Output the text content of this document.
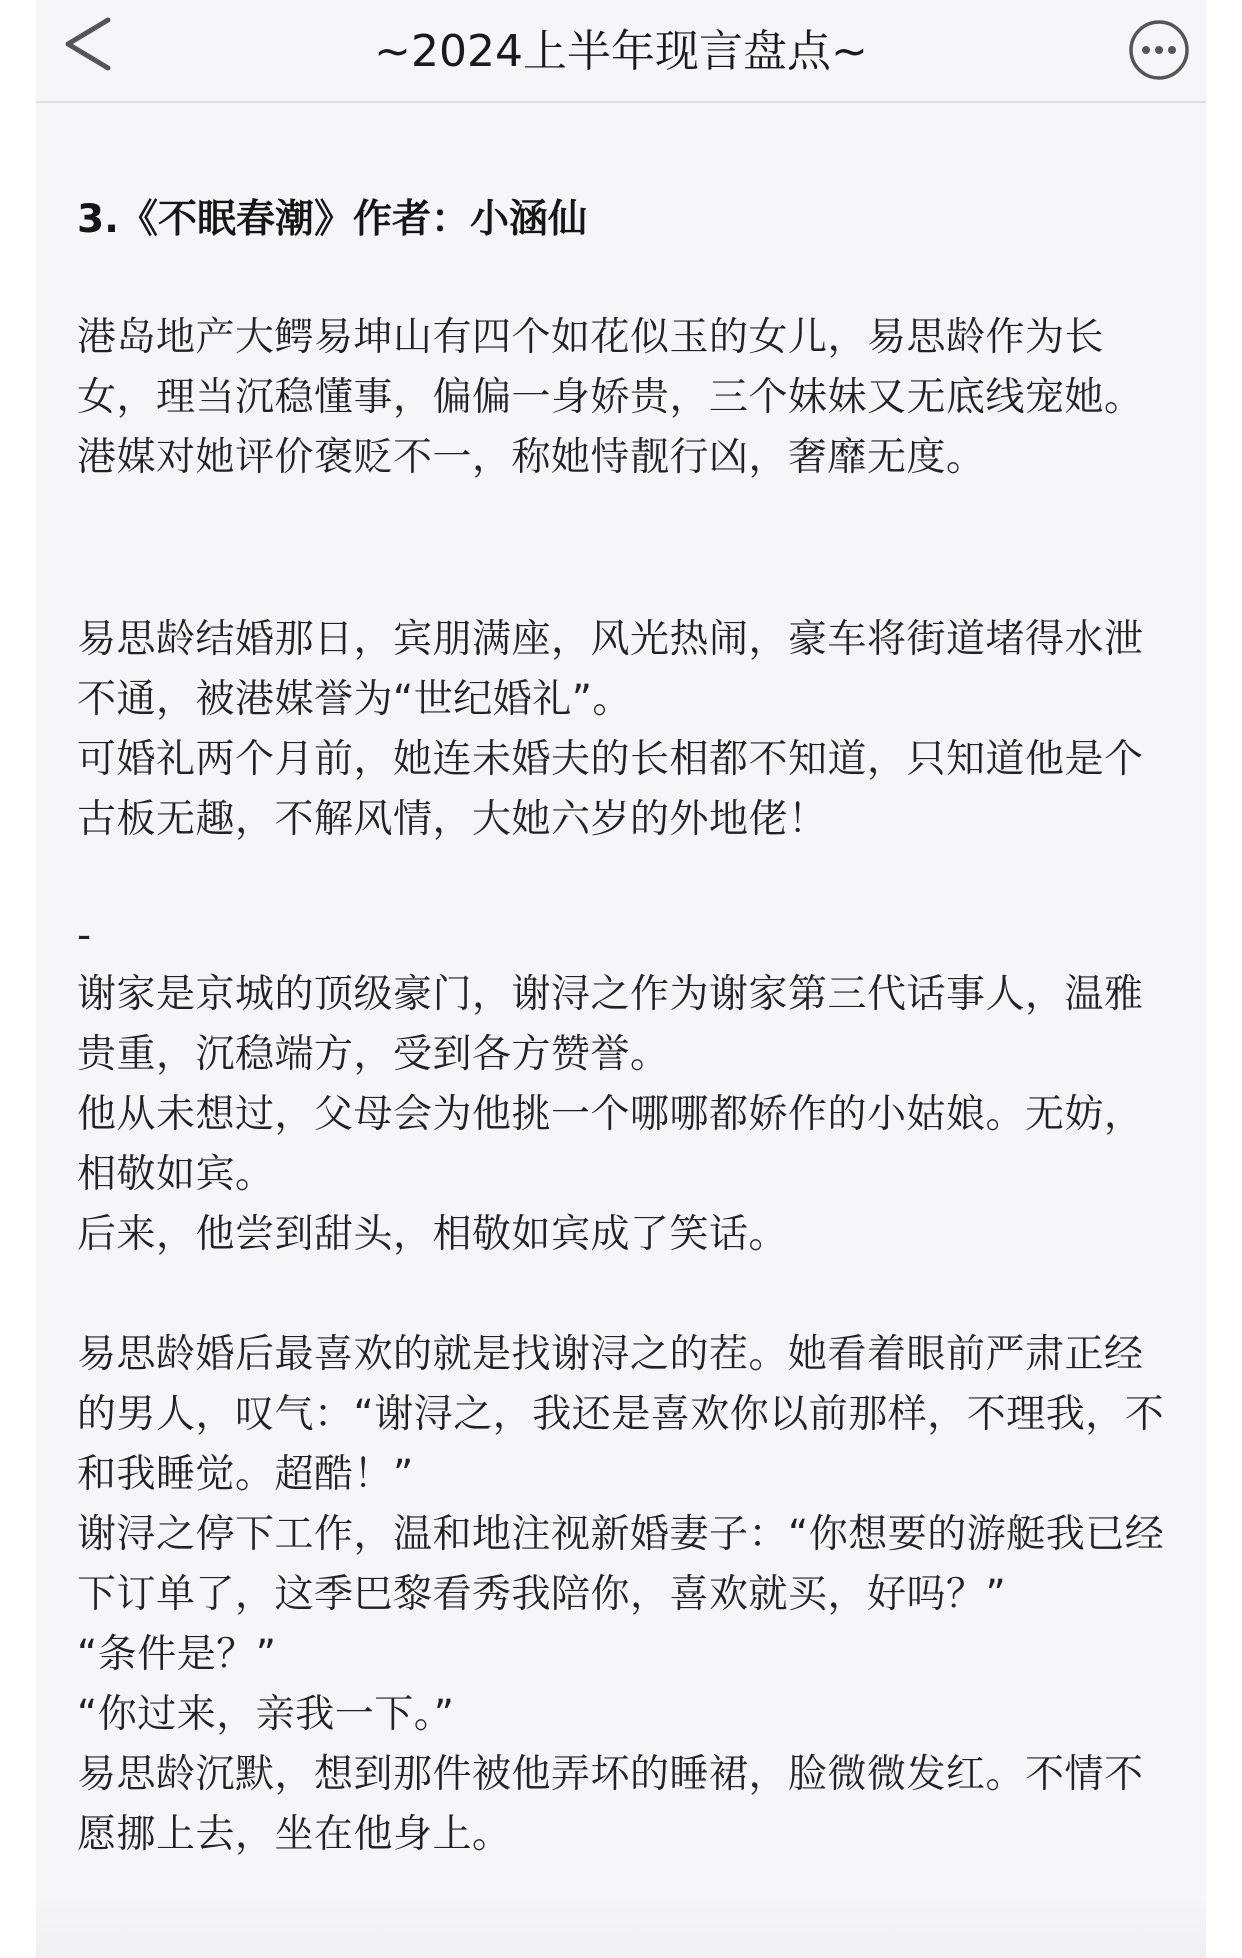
~2024上半年现言盘点~
3.《不眠春潮》作者：小涵仙
港岛地产大鳄易坤山有四个如花似玉的女儿，易思龄作为长女，理当沉稳懂事，偏偏一身娇贵，三个妹妹又无底线宠她。
港媒对她评价褒贬不一，称她恃靓行凶，奢靡无度。
易思龄结婚那日，宾朋满座，风光热闹，豪车将街道堵得水泄不通，被港媒誉为“世纪婚礼”。
可婚礼两个月前，她连未婚夫的长相都不知道，只知道他是个古板无趣，不解风情，大她六岁的外地佬！
-
谢家是京城的顶级豪门，谢浔之作为谢家第三代话事人，温雅贵重，沉稳端方，受到各方赞誉。
他从未想过，父母会为他挑一个哪哪都娇作的小姑娘。无妨，相敬如宾。
后来，他尝到甜头，相敬如宾成了笑话。
易思龄婚后最喜欢的就是找谢浔之的茬。她看着眼前严肃正经的男人，叹气：“谢浔之，我还是喜欢你以前那样，不理我，不和我睡觉。超酷！”
谢浔之停下工作，温和地注视新婚妻子：“你想要的游艇我已经下订单了，这季巴黎看秀我陪你，喜欢就买，好吗？”
“条件是？”
“你过来，亲我一下。”
易思龄沉默，想到那件被他弄坏的睡裙，脸微微发红。不情不愿挪上去，坐在他身上。
